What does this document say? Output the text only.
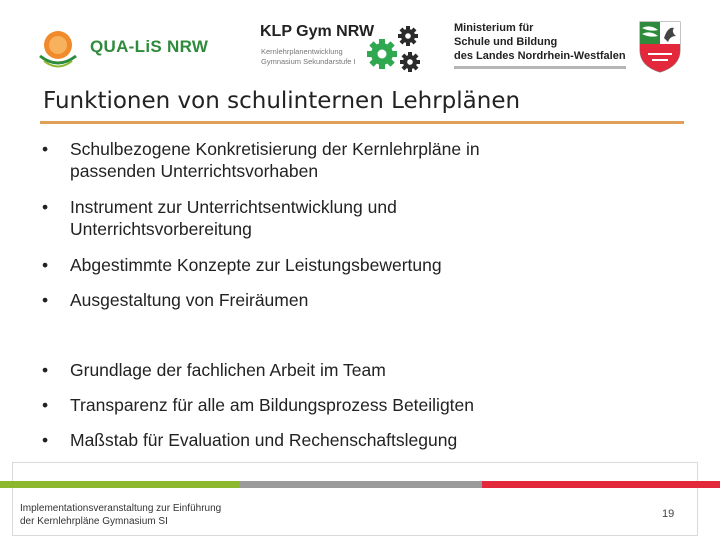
QUA-LiS NRW
KLP Gym NRW
Kernlehrplanentwicklung
Gymnasium Sekundarstufe I
Ministerium für
Schule und Bildung
des Landes Nordrhein-Westfalen
Funktionen von schulinternen Lehrplänen
•	Schulbezogene Konkretisierung der Kernlehrpläne in
passenden Unterrichtsvorhaben
•	Instrument zur Unterrichtsentwicklung und
Unterrichtsvorbereitung
•	Abgestimmte Konzepte zur Leistungsbewertung
•	Ausgestaltung von Freiräumen
•	Grundlage der fachlichen Arbeit im Team
•	Transparenz für alle am Bildungsprozess Beteiligten
•	Maßstab für Evaluation und Rechenschaftslegung
Implementationsveranstaltung zur Einführung
der Kernlehrpläne Gymnasium SI
19
